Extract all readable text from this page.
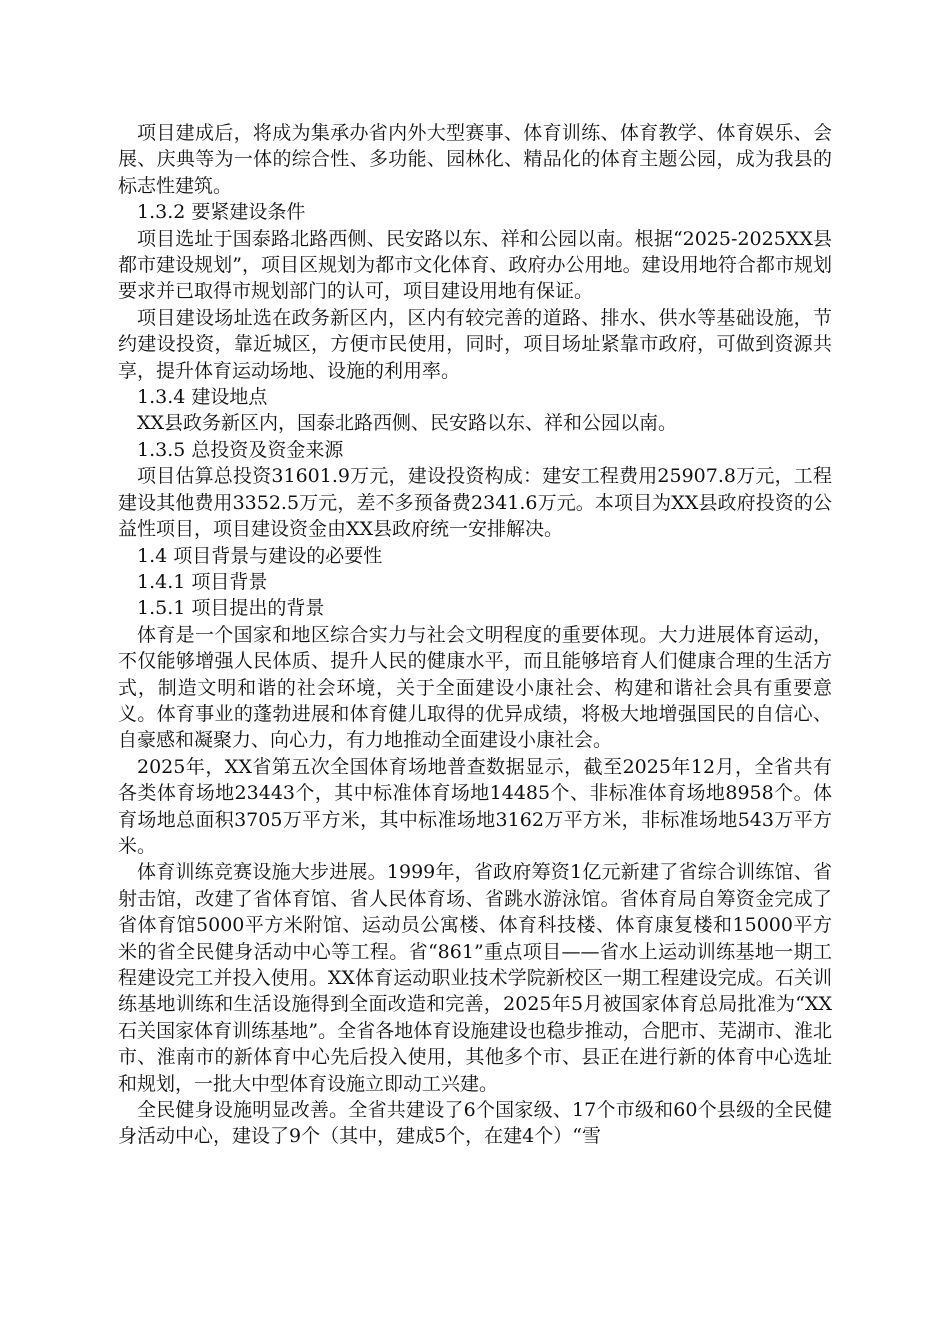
项目建成后，将成为集承办省内外大型赛事、体育训练、体育教学、体育娱乐、会展、庆典等为一体的综合性、多功能、园林化、精品化的体育主题公园，成为我县的标志性建筑。

1.3.2 要紧建设条件

项目选址于国泰路北路西侧、民安路以东、祥和公园以南。根据“2025-2025XX县都市建设规划”，项目区规划为都市文化体育、政府办公用地。建设用地符合都市规划要求并已取得市规划部门的认可，项目建设用地有保证。

项目建设场址选在政务新区内，区内有较完善的道路、排水、供水等基础设施，节约建设投资，靠近城区，方便市民使用，同时，项目场址紧靠市政府，可做到资源共享，提升体育运动场地、设施的利用率。

1.3.4 建设地点

XX县政务新区内，国泰北路西侧、民安路以东、祥和公园以南。

1.3.5 总投资及资金来源

项目估算总投资31601.9万元，建设投资构成：建安工程费用25907.8万元，工程建设其他费用3352.5万元，差不多预备费2341.6万元。本项目为XX县政府投资的公益性项目，项目建设资金由XX县政府统一安排解决。

1.4 项目背景与建设的必要性

1.4.1 项目背景

1.5.1 项目提出的背景

体育是一个国家和地区综合实力与社会文明程度的重要体现。大力进展体育运动，不仅能够增强人民体质、提升人民的健康水平，而且能够培育人们健康合理的生活方式，制造文明和谐的社会环境，关于全面建设小康社会、构建和谐社会具有重要意义。体育事业的蓬勃进展和体育健儿取得的优异成绩，将极大地增强国民的自信心、自豪感和凝聚力、向心力，有力地推动全面建设小康社会。

2025年，XX省第五次全国体育场地普查数据显示，截至2025年12月，全省共有各类体育场地23443个，其中标准体育场地14485个、非标准体育场地8958个。体育场地总面积3705万平方米，其中标准场地3162万平方米，非标准场地543万平方米。

体育训练竞赛设施大步进展。1999年，省政府筹资1亿元新建了省综合训练馆、省射击馆，改建了省体育馆、省人民体育场、省跳水游泳馆。省体育局自筹资金完成了省体育馆5000平方米附馆、运动员公寓楼、体育科技楼、体育康复楼和15000平方米的省全民健身活动中心等工程。省“861”重点项目——省水上运动训练基地一期工程建设完工并投入使用。XX体育运动职业技术学院新校区一期工程建设完成。石关训练基地训练和生活设施得到全面改造和完善，2025年5月被国家体育总局批准为“XX石关国家体育训练基地”。全省各地体育设施建设也稳步推动，合肥市、芜湖市、淮北市、淮南市的新体育中心先后投入使用，其他多个市、县正在进行新的体育中心选址和规划，一批大中型体育设施立即动工兴建。

全民健身设施明显改善。全省共建设了6个国家级、17个市级和60个县级的全民健身活动中心，建设了9个（其中，建成5个，在建4个）“雪
